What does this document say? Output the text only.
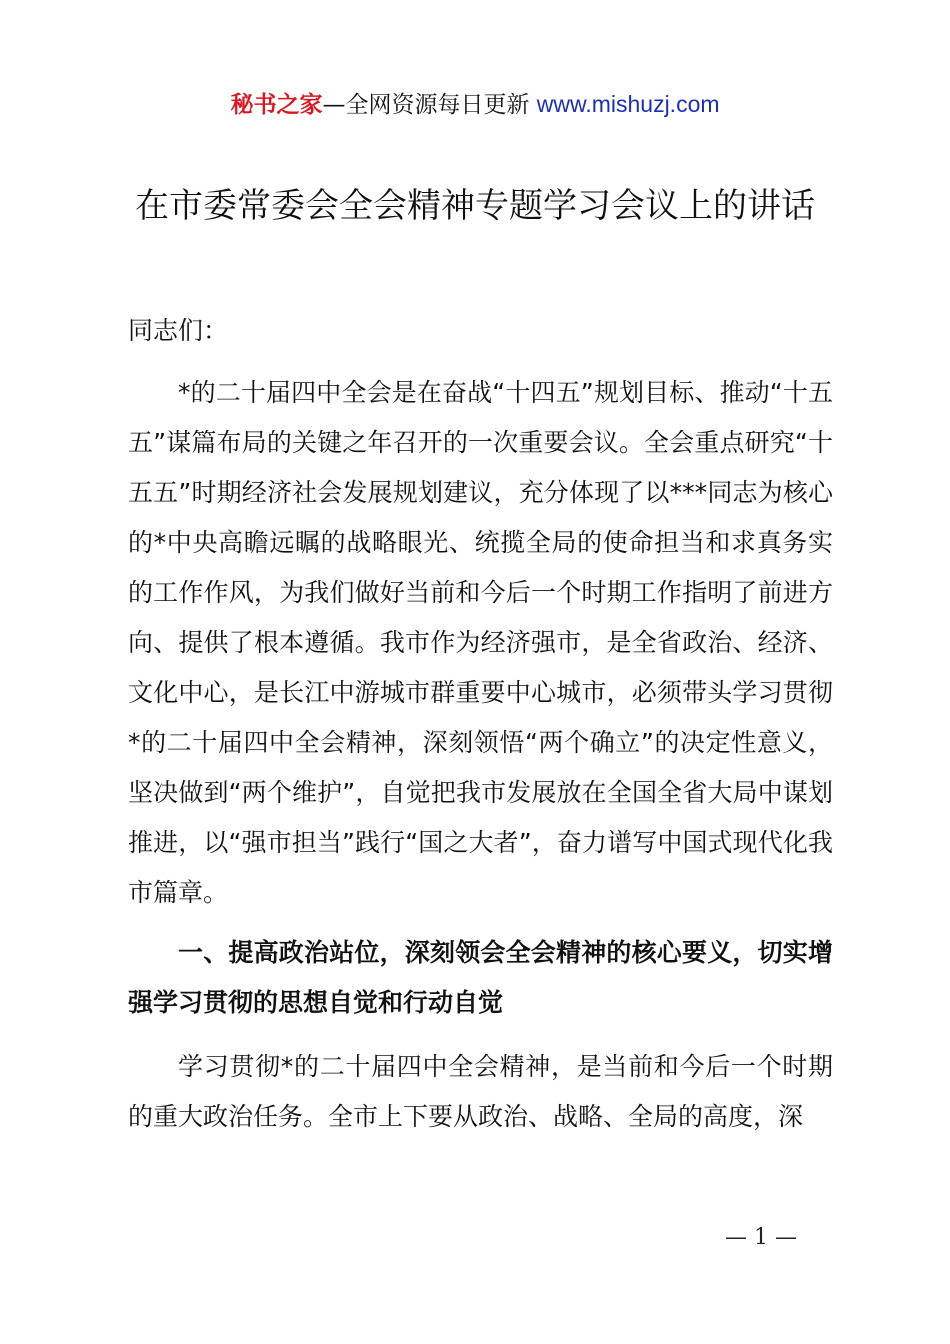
秘书之家—全网资源每日更新 www.mishuzj.com
在市委常委会全会精神专题学习会议上的讲话

同志们：

*的二十届四中全会是在奋战“十四五”规划目标、推动“十五五”谋篇布局的关键之年召开的一次重要会议。全会重点研究“十五五”时期经济社会发展规划建议，充分体现了以***同志为核心的*中央高瞻远瞩的战略眼光、统揽全局的使命担当和求真务实的工作作风，为我们做好当前和今后一个时期工作指明了前进方向、提供了根本遵循。我市作为经济强市，是全省政治、经济、文化中心，是长江中游城市群重要中心城市，必须带头学习贯彻*的二十届四中全会精神，深刻领悟“两个确立”的决定性意义，坚决做到“两个维护”，自觉把我市发展放在全国全省大局中谋划推进，以“强市担当”践行“国之大者”，奋力谱写中国式现代化我市篇章。

一、提高政治站位，深刻领会全会精神的核心要义，切实增强学习贯彻的思想自觉和行动自觉

学习贯彻*的二十届四中全会精神，是当前和今后一个时期的重大政治任务。全市上下要从政治、战略、全局的高度，深

— 1 —
